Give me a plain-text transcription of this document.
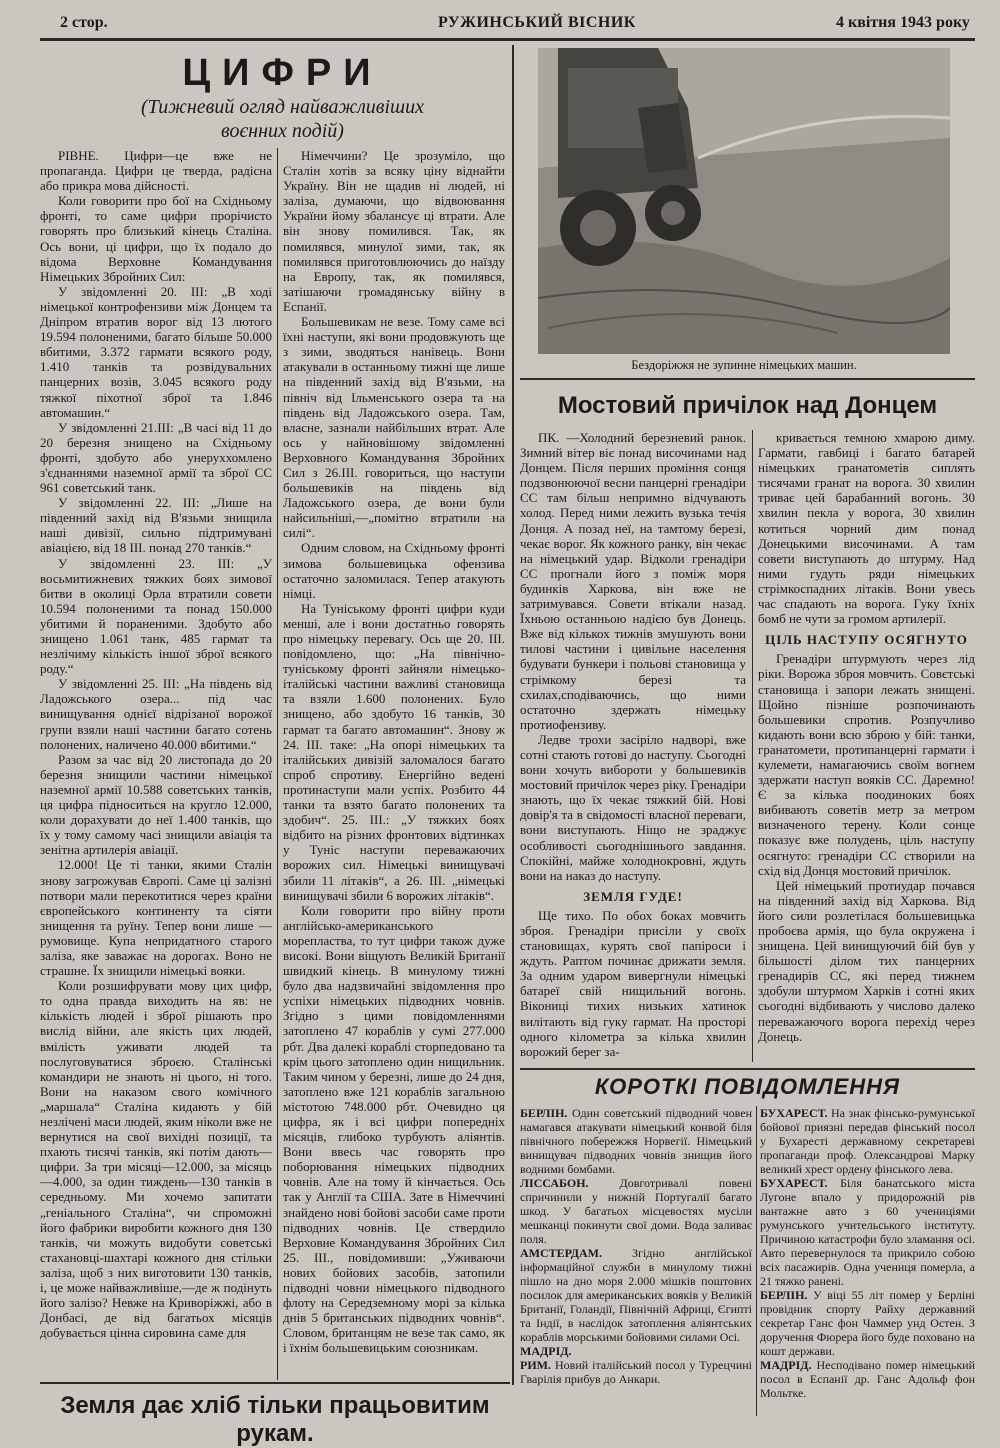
2 стор.	РУЖИНСЬКИЙ ВІСНИК	4 квітня 1943 року
ЦИФРИ
(Тижневий огляд найважливіших
воєнних подій)

РІВНЕ. Цифри—це вже не пропаганда. Цифри це тверда, радісна або прикра мова дійсності.

Коли говорити про бої на Східньому фронті, то саме цифри прорічисто говорять про близький кінець Сталіна. Ось вони, ці цифри, що їх подало до відома Верховне Командування Німецьких Збройних Сил:

У звідомленні 20. III: „В ході німецької контрофензиви між Донцем та Дніпром втратив ворог від 13 лютого 19.594 полоненими, багато більше 50.000 вбитими, 3.372 гармати всякого роду, 1.410 танків та розвідувальних панцерних возів, 3.045 всякого роду тяжкої піхотної зброї та 1.846 автомашин.“

У звідомленні 21.III: „В часі від 11 до 20 березня знищено на Східньому фронті, здобуто або унеруххомлено з'єднаннями наземної армії та зброї СС 961 советський танк.

У звідомленні 22. III: „Лише на південний захід від В'язьми знищила наші дивізії, сильно підтримувані авіацією, від 18 III. понад 270 танків.“

У звідомленні 23. III: „У восьмитижневих тяжких боях зимової битви в околиці Орла втратили совети 10.594 полоненими та понад 150.000 убитими й пораненими. Здобуто або знищено 1.061 танк, 485 гармат та незлічиму кількість іншої зброї всякого роду.“

У звідомленні 25. III: „На південь від Ладожського озера... під час винищування однієї відрізаної ворожої групи взяли наші частини багато сотень полонених, наличено 40.000 вбитими.“

Разом за час від 20 листопада до 20 березня знищили частини німецької наземної армії 10.588 советських танків, ця цифра підноситься на кругло 12.000, коли дорахувати до неї 1.400 танків, що їх у тому самому часі знищили авіація та зенітна артилерія авіації.

12.000! Це ті танки, якими Сталін знову загрожував Європі. Саме ці залізні потвори мали перекотитися через країни європейського континенту та сіяти знищення та руїну. Тепер вони лише — румовище. Купа непридатного старого заліза, яке заважає на дорогах. Воно не страшне. Їх знищили німецькі вояки.

Коли розшифрувати мову цих цифр, то одна правда виходить на яв: не кількість людей і зброї рішають про вислід війни, але якість цих людей, вмілість уживати людей та послуговуватися зброєю. Сталінські командири не знають ні цього, ні того. Вони на наказом свого комічного „маршала“ Сталіна кидають у бій незлічені маси людей, яким ніколи вже не вернутися на свої вихідні позиції, та пхають тисячі танків, які потім дають—цифри. За три місяці—12.000, за місяць—4.000, за один тиждень—130 танків в середньому. Ми хочемо запитати „геніального Сталіна“, чи спроможні його фабрики виробити кожного дня 130 танків, чи можуть видобути советські стахановці-шахтарі кожного дня стільки заліза, щоб з них виготовити 130 танків, і, це може найважливіше,—де ж подінуть його залізо? Невже на Криворіжжі, або в Донбасі, де від багатьох місяців добувається цінна сировина саме для

Німеччини? Це зрозуміло, що Сталін хотів за всяку ціну віднайти Україну. Він не щадив ні людей, ні заліза, думаючи, що відвоювання України йому збалансує ці втрати. Але він знову помилився. Так, як помилявся, минулої зими, так, як помилявся приготовлюючись до наїзду на Европу, так, як помилявся, затішаючи громадянську війну в Еспанії.

Большевикам не везе. Тому саме всі їхні наступи, які вони продовжують ще з зими, зводяться нанівець. Вони атакували в останньому тижні ще лише на південний захід від В'язьми, на північ від Ільменського озера та на південь від Ладожського озера. Там, власне, зазнали найбільших втрат. Але ось у найновішому звідомленні Верховного Командування Збройних Сил з 26.III. говориться, що наступи большевиків на південь від Ладожського озера, де вони були найсильніші,—„помітно втратили на силі“.

Одним словом, на Східньому фронті зимова большевицька офензива остаточно заломилася. Тепер атакують німці.

На Туніському фронті цифри куди менші, але і вони достатньо говорять про німецьку перевагу. Ось ще 20. III. повідомлено, що: „На північно-туніському фронті зайняли німецько-італійські частини важливі становища та взяли 1.600 полонених. Було знищено, або здобуто 16 танків, 30 гармат та багато автомашин“. Знову ж 24. III. таке: „На опорі німецьких та італійських дивізій заломалося багато спроб спротиву. Енергійно ведені протинаступи мали успіх. Розбито 44 танки та взято багато полонених та здобич“. 25. III.: „У тяжких боях відбито на різних фронтових відтинках у Туніс наступи переважаючих ворожих сил. Німецькі винищувачі збили 11 літаків“, а 26. III. „німецькі винищувачі збили 6 ворожих літаків“.

Коли говорити про війну проти англійсько-американського морепластва, то тут цифри також дуже високі. Вони віщують Великій Британії швидкий кінець. В минулому тижні було два надзвичайні звідомлення про успіхи німецьких підводних човнів. Згідно з цими повідомленнями затоплено 47 кораблів у сумі 277.000 рбт. Два далекі кораблі сторпедовано та крім цього затоплено один нищильник. Таким чином у березні, лише до 24 дня, затоплено вже 121 кораблів загальною містотою 748.000 рбт. Очевидно ця цифра, як і всі цифри попередніх місяців, глибоко турбують аліянтів. Вони ввесь час говорять про поборювання німецьких підводних човнів. Але на тому й кінчається. Ось так у Англії та США. Зате в Німеччині знайдено нові бойові засоби саме проти підводних човнів. Це ствердило Верховне Командування Збройних Сил 25. III., повідомивши: „Уживаючи нових бойових засобів, затопили підводні човни німецького підводного флоту на Середземному морі за кілька днів 5 британських підводних човнів“. Словом, британцям не везе так само, як і їхнім большевицьким союзникам.

Бездоріжжя не зупинне німецьких машин.
Мостовий причілок над Донцем

ПК. —Холодний березневий ранок. Зимний вітер віє понад височинами над Донцем. Після перших проміння сонця подзвонюючої весни панцерні гренадіри СС там більш непримно відчувають холод. Перед ними лежить вузька течія Донця. А позад неї, на тамтому березі, чекає ворог. Як кожного ранку, він чекає на німецький удар. Відколи гренадіри СС прогнали його з поміж моря будинків Харкова, він вже не затримувався. Совети втікали назад. Їхньою останньою надією був Донець. Вже від кількох тижнів змушують вони тилові частини і цивільне населення будувати бункери і польові становища у стрімкому березі та схилах,сподіваючись, що ними остаточно здержать німецьку протиофензиву.

Ледве трохи засіріло надворі, вже сотні стають готові до наступу. Сьогодні вони хочуть вибороти у большевиків мостовий причілок через ріку. Гренадіри знають, що їх чекає тяжкий бій. Нові довір'я та в свідомості власної переваги, вони виступають. Ніщо не зраджує особливості сьогоднішнього завдання. Спокійні, майже холоднокровні, ждуть вони на наказ до наступу.

ЗЕМЛЯ ГУДЕ!

Ще тихо. По обох боках мовчить зброя. Гренадіри присіли у своїх становищах, курять свої папіроси і ждуть. Раптом починає дрижати земля. За одним ударом вивергнули німецькі батареї свій нищильний вогонь. Вікониці тихих низьких хатинок вилітають від гуку гармат. На просторі одного кілометра за кілька хвилин ворожий берег за-

кривається темною хмарою диму. Гармати, гавбиці і багато батарей німецьких гранатометів сиплять тисячами гранат на ворога. 30 хвилин триває цей барабанний вогонь. 30 хвилин пекла у ворога, 30 хвилин котиться чорний дим понад Донецькими височинами. А там совети виступають до штурму. Над ними гудуть ряди німецьких стрімкоспадних літаків. Вони увесь час спадають на ворога. Гуку їхніх бомб не чути за громом артилерії.

ЦІЛЬ НАСТУПУ ОСЯГНУТО

Гренадіри штурмують через лід ріки. Ворожа зброя мовчить. Совєтські становища і запори лежать знищені. Щойно пізніше розпочинають большевики спротив. Розпучливо кидають вони всю зброю у бій: танки, гранатомети, протипанцерні гармати і кулемети, намагаючись своїм вогнем здержати наступ вояків СС. Даремно! Є за кілька поодиноких боях вибивають советів метр за метром визначеного терену. Коли сонце показує вже полудень, ціль наступу осягнуто: гренадіри СС створили на схід від Донця мостовий причілок.

Цей німецький протиудар почався на південний захід від Харкова. Від його сили розлетілася большевицька пробоєва армія, що була окружена і знищена. Цей винищуючий бій був у більшості ділом тих панцерних гренадирів СС, які перед тижнем здобули штурмом Харків і сотні яких сьогодні відбивають у числово далеко переважаючого ворога перехід через Донець.

КОРОТКІ ПОВІДОМЛЕННЯ

БЕРЛІН. Один советський підводний човен намагався атакувати німецький конвой біля північного побережжя Норвегії. Німецький винищувач підводних човнів знищив його водними бомбами.

ЛІССАБОН.	Довготривалі повені спричинили у нижній Португалії багато шкод. У багатьох місцевостях мусіли мешканці покинути свої доми. Вода заливає поля.

АМСТЕРДАМ.	Згідно англійської інформаційної служби в минулому тижні пішло на дно моря 2.000 мішків поштових посилок для американських вояків у Великій Британії, Голандії, Північній Африці, Єгипті та Індії, в наслідок затоплення аліянтських кораблів морськими бойовими силами Осі.

МАДРІД.

РИМ. Новий італійський посол у Турецчині Гварілія прибув до Анкари.

БУХАРЕСТ. На знак фінсько-румунської бойової приязні передав фінський посол у Бухаресті державному секретареві пропаганди проф. Олександрові Марку великий хрест ордену фінського лева.

БУХАРЕСТ. Біля банатського міста Лугоне впало у придорожній рів вантажне авто з 60 учениціями румунського учительського інституту. Причиною катастрофи було зламання осі. Авто перевернулося та прикрило собою всіх пасажирів. Одна учениця померла, а 21 тяжко ранені.

БЕРЛІН. У віці 55 літ помер у Берліні провідник спорту Райху державний секретар Ганс фон Чаммер унд Остен. З доручення Фюрера його буде поховано на кошт держави.

МАДРІД. Несподівано помер німецький посол в Еспанії др. Ганс Адольф фон Мольтке.

Земля дає хліб тільки працьовитим рукам.
